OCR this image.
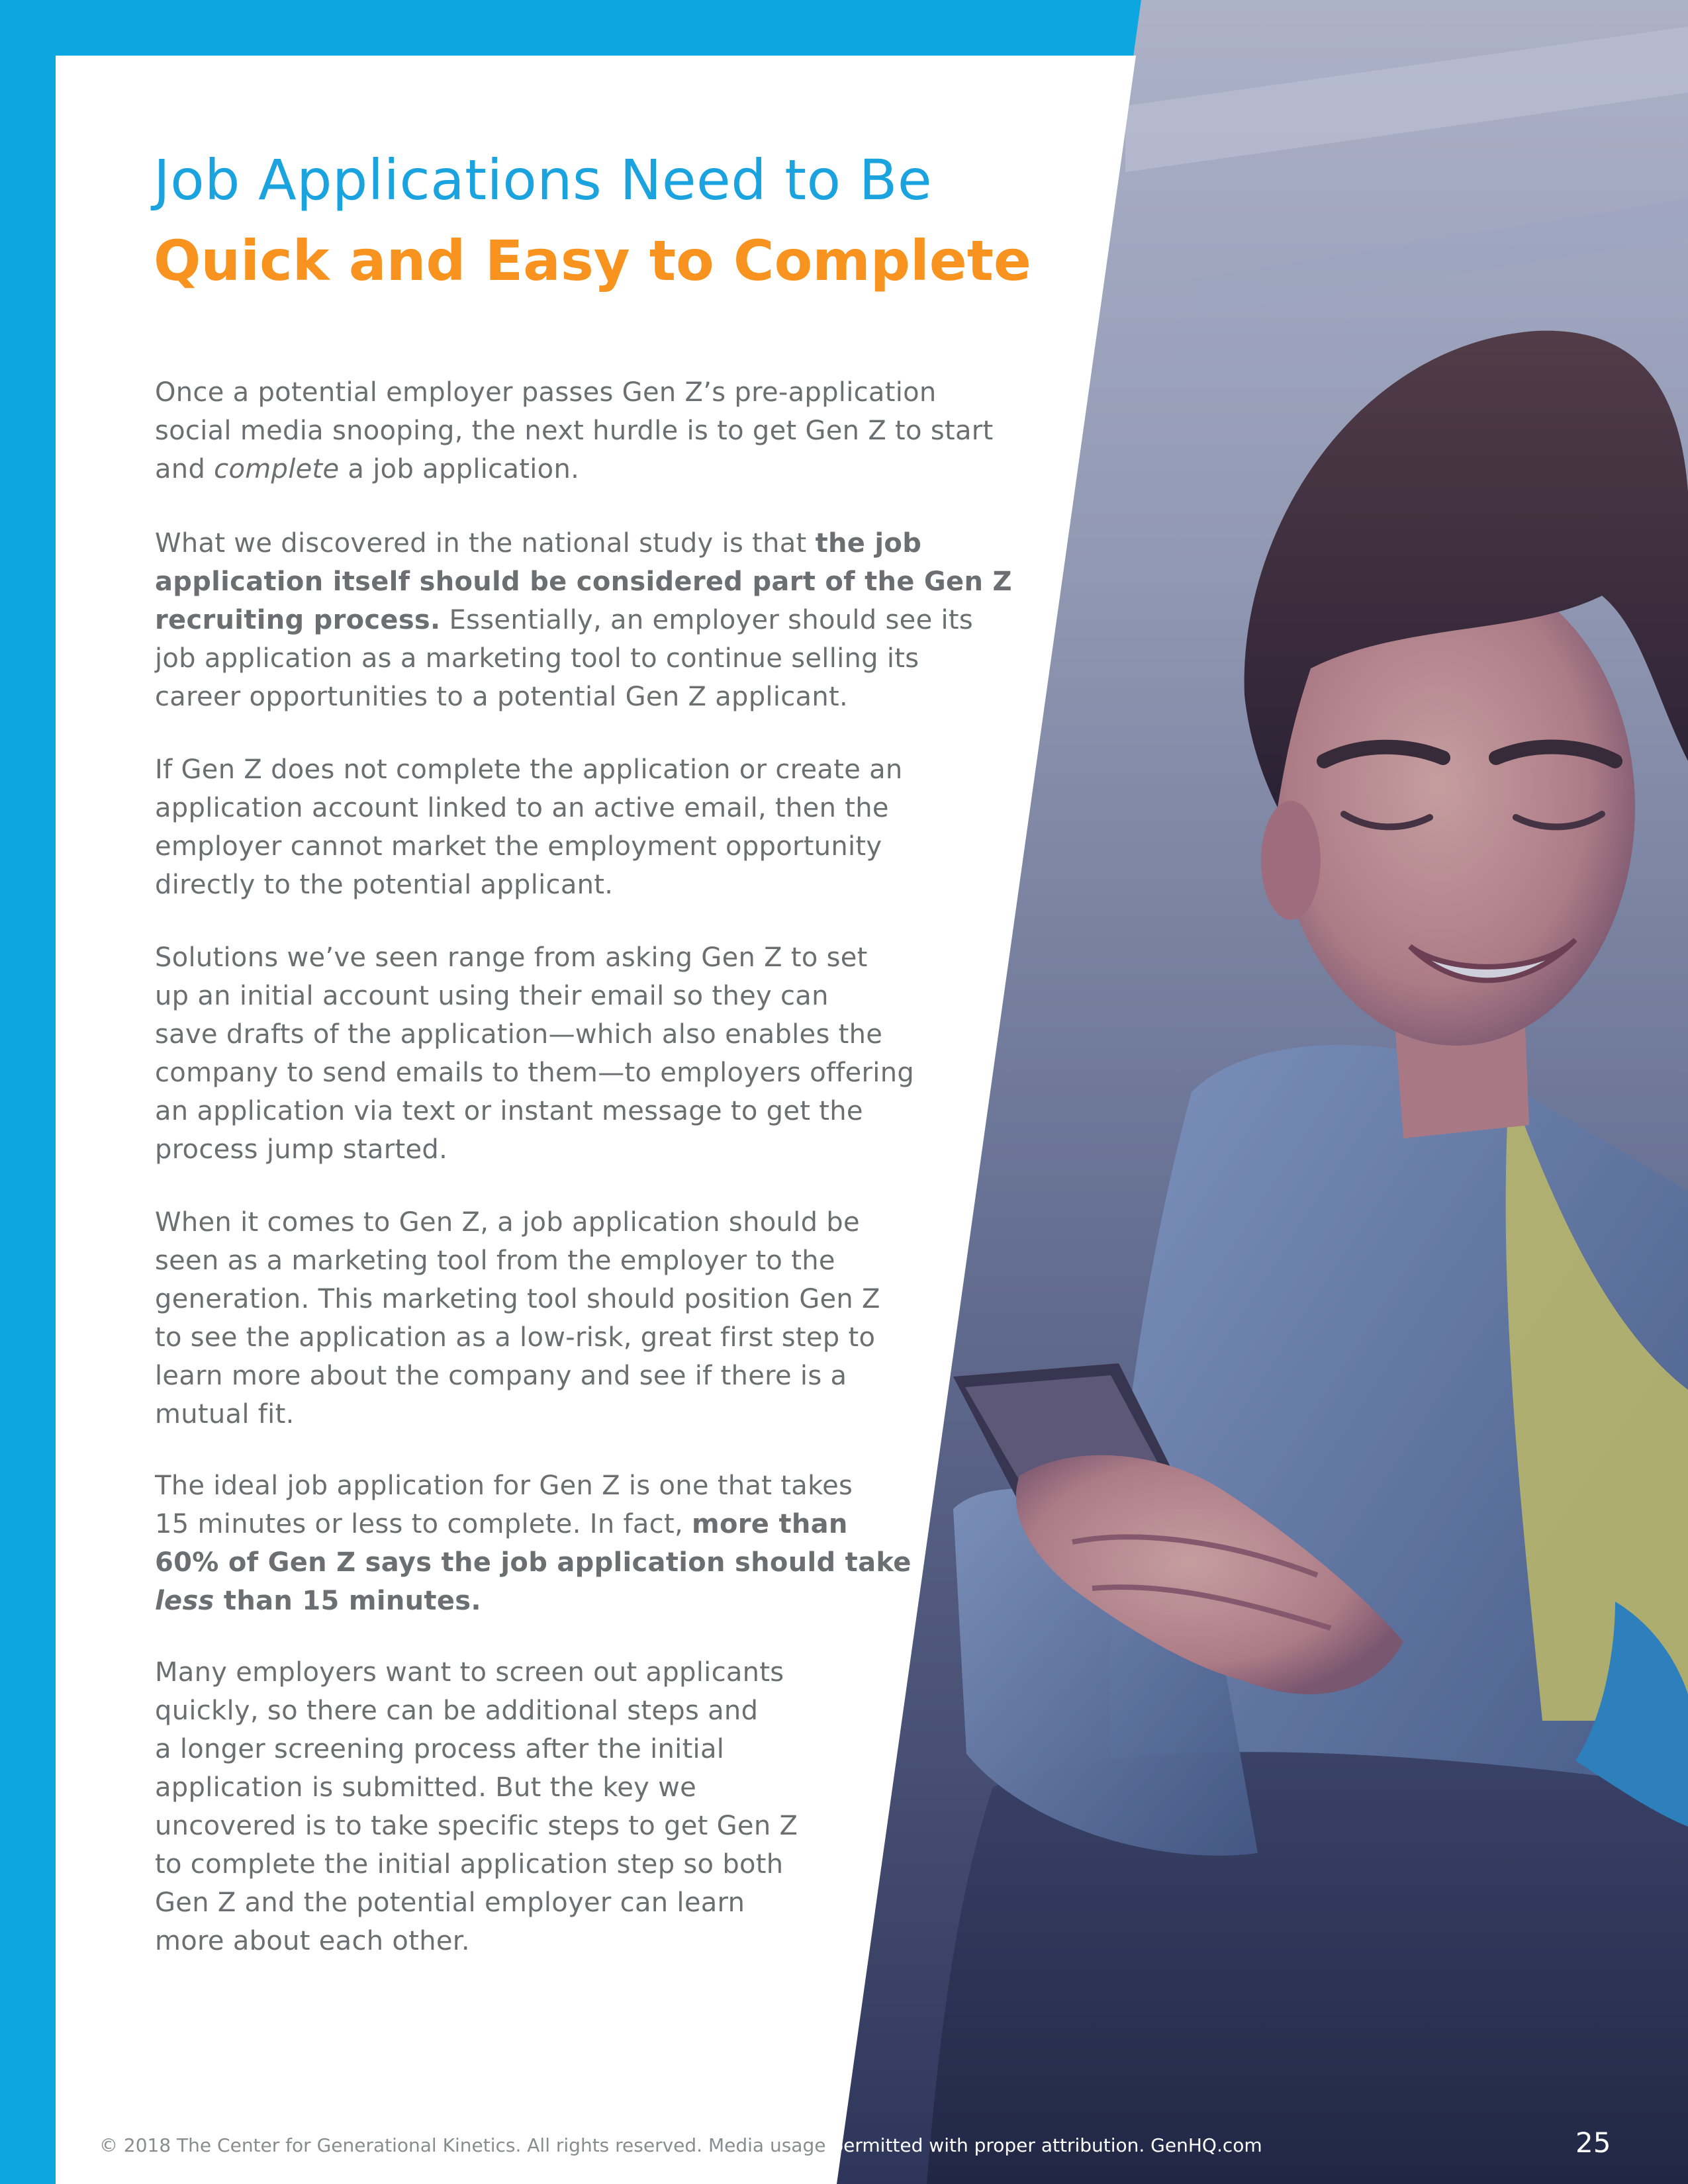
Job Applications Need to Be
Quick and Easy to Complete

Once a potential employer passes Gen Z’s pre-application
social media snooping, the next hurdle is to get Gen Z to start
and complete a job application.

What we discovered in the national study is that the job
application itself should be considered part of the Gen Z
recruiting process. Essentially, an employer should see its
job application as a marketing tool to continue selling its
career opportunities to a potential Gen Z applicant.

If Gen Z does not complete the application or create an
application account linked to an active email, then the
employer cannot market the employment opportunity
directly to the potential applicant.

Solutions we’ve seen range from asking Gen Z to set
up an initial account using their email so they can
save drafts of the application—which also enables the
company to send emails to them—to employers offering
an application via text or instant message to get the
process jump started.

When it comes to Gen Z, a job application should be
seen as a marketing tool from the employer to the
generation. This marketing tool should position Gen Z
to see the application as a low-risk, great first step to
learn more about the company and see if there is a
mutual fit.

The ideal job application for Gen Z is one that takes
15 minutes or less to complete. In fact, more than
60% of Gen Z says the job application should take
less than 15 minutes.

Many employers want to screen out applicants
quickly, so there can be additional steps and
a longer screening process after the initial
application is submitted. But the key we
uncovered is to take specific steps to get Gen Z
to complete the initial application step so both
Gen Z and the potential employer can learn
more about each other.

© 2018 The Center for Generational Kinetics. All rights reserved. Media usage permitted with proper attribution. GenHQ.com	25
